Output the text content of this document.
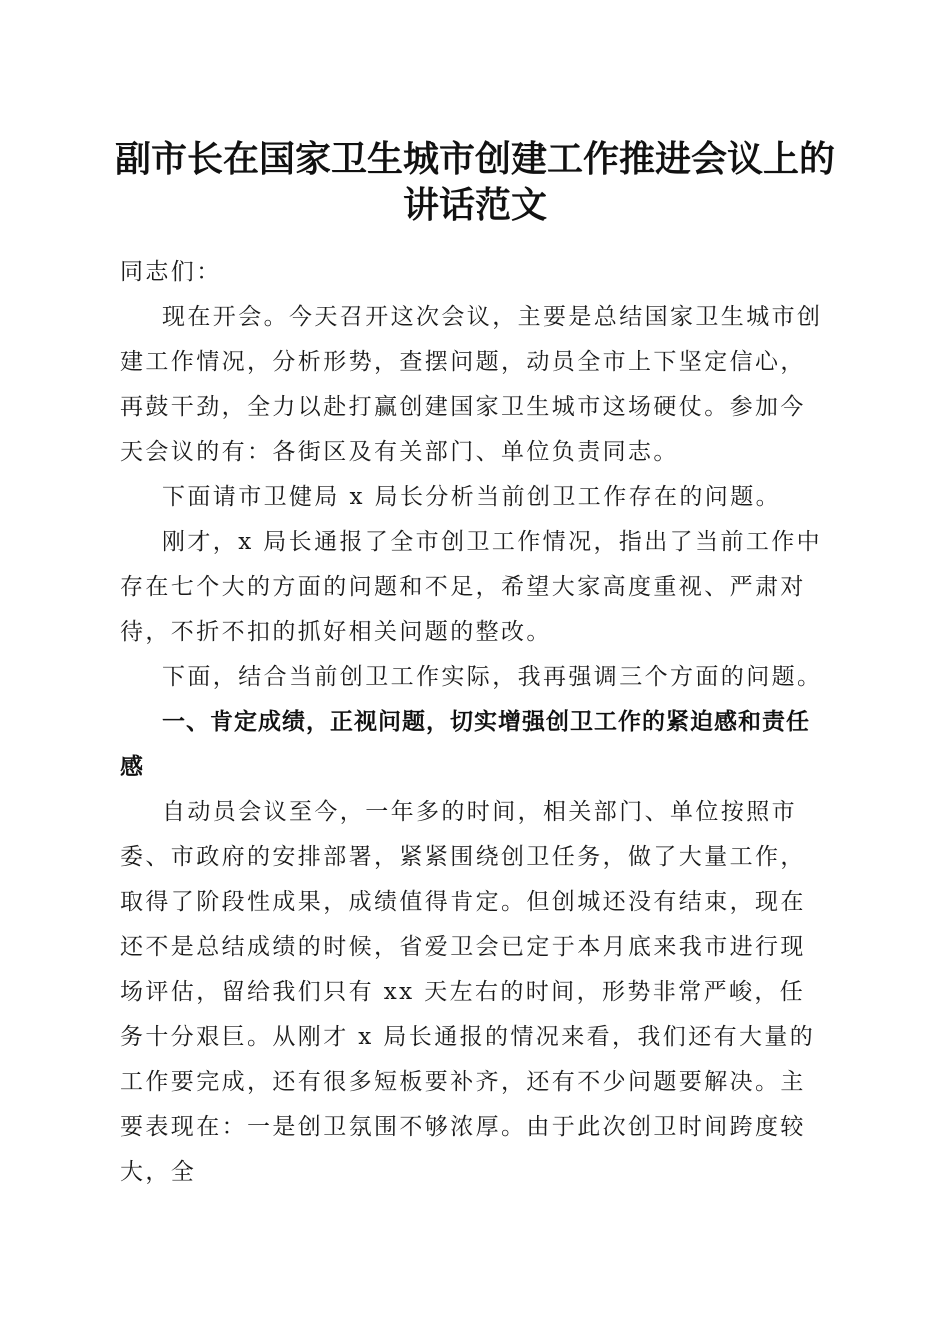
副市长在国家卫生城市创建工作推进会议上的
讲话范文

同志们：

现在开会。今天召开这次会议，主要是总结国家卫生城市创建工作情况，分析形势，查摆问题，动员全市上下坚定信心，再鼓干劲，全力以赴打赢创建国家卫生城市这场硬仗。参加今天会议的有：各街区及有关部门、单位负责同志。

下面请市卫健局 x 局长分析当前创卫工作存在的问题。

刚才，x 局长通报了全市创卫工作情况，指出了当前工作中存在七个大的方面的问题和不足，希望大家高度重视、严肃对待，不折不扣的抓好相关问题的整改。

下面，结合当前创卫工作实际，我再强调三个方面的问题。

一、肯定成绩，正视问题，切实增强创卫工作的紧迫感和责任感

自动员会议至今，一年多的时间，相关部门、单位按照市委、市政府的安排部署，紧紧围绕创卫任务，做了大量工作，取得了阶段性成果，成绩值得肯定。但创城还没有结束，现在还不是总结成绩的时候，省爱卫会已定于本月底来我市进行现场评估，留给我们只有 xx 天左右的时间，形势非常严峻，任务十分艰巨。从刚才 x 局长通报的情况来看，我们还有大量的工作要完成，还有很多短板要补齐，还有不少问题要解决。主要表现在：一是创卫氛围不够浓厚。由于此次创卫时间跨度较大，全
